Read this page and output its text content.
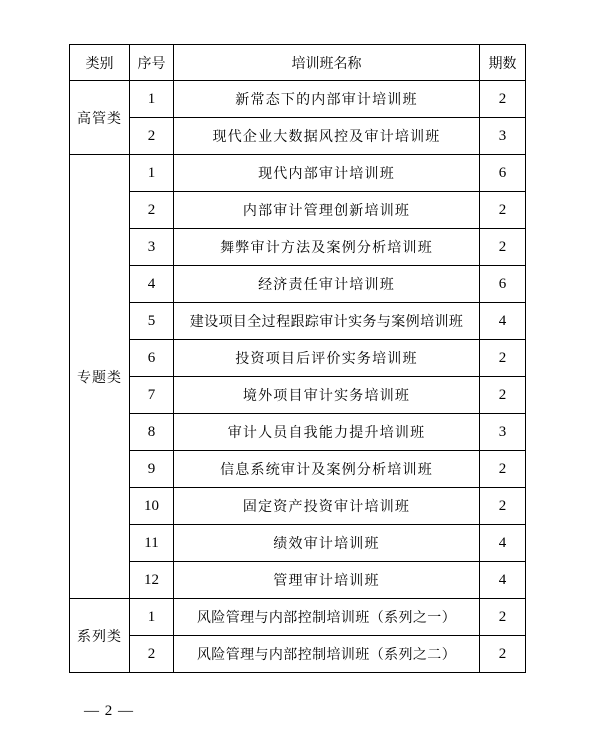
类别	序号	培训班名称	期数
高管类	1	新常态下的内部审计培训班	2
	2	现代企业大数据风控及审计培训班	3
专题类	1	现代内部审计培训班	6
	2	内部审计管理创新培训班	2
	3	舞弊审计方法及案例分析培训班	2
	4	经济责任审计培训班	6
	5	建设项目全过程跟踪审计实务与案例培训班	4
	6	投资项目后评价实务培训班	2
	7	境外项目审计实务培训班	2
	8	审计人员自我能力提升培训班	3
	9	信息系统审计及案例分析培训班	2
	10	固定资产投资审计培训班	2
	11	绩效审计培训班	4
	12	管理审计培训班	4
系列类	1	风险管理与内部控制培训班（系列之一）	2
	2	风险管理与内部控制培训班（系列之二）	2
— 2 —
